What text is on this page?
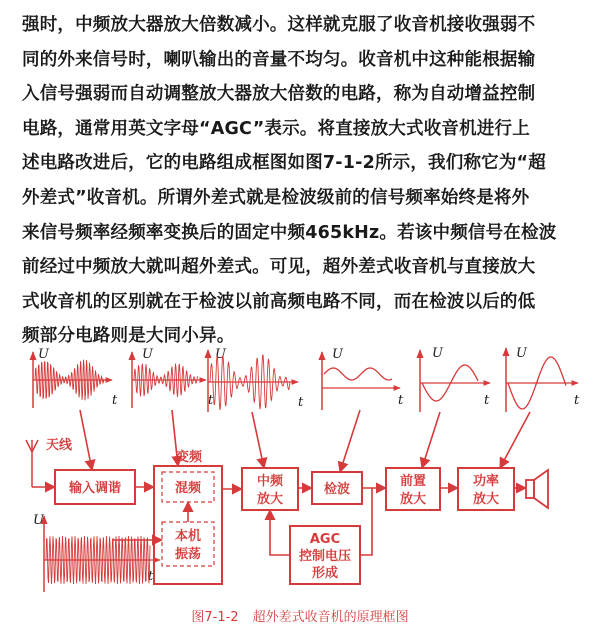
强时，中频放大器放大倍数减小。这样就克服了收音机接收强弱不
同的外来信号时，喇叭输出的音量不均匀。收音机中这种能根据输
入信号强弱而自动调整放大器放大倍数的电路，称为自动增益控制
电路，通常用英文字母“AGC”表示。将直接放大式收音机进行上
述电路改进后，它的电路组成框图如图7-1-2所示，我们称它为“超
外差式”收音机。所谓外差式就是检波级前的信号频率始终是将外
来信号频率经频率变换后的固定中频465kHz。若该中频信号在检波
前经过中频放大就叫超外差式。可见，超外差式收音机与直接放大
式收音机的区别就在于检波以前高频电路不同，而在检波以后的低
频部分电路则是大同小异。
U
t
U
t
U
t
U
t
U
t
U
t
U
t
天线
变频
输入调谐	混频
本机
振荡
中频
放大
检波
前置
放大
功率
放大
AGC
控制电压
形成
图7-1-2 超外差式收音机的原理框图
